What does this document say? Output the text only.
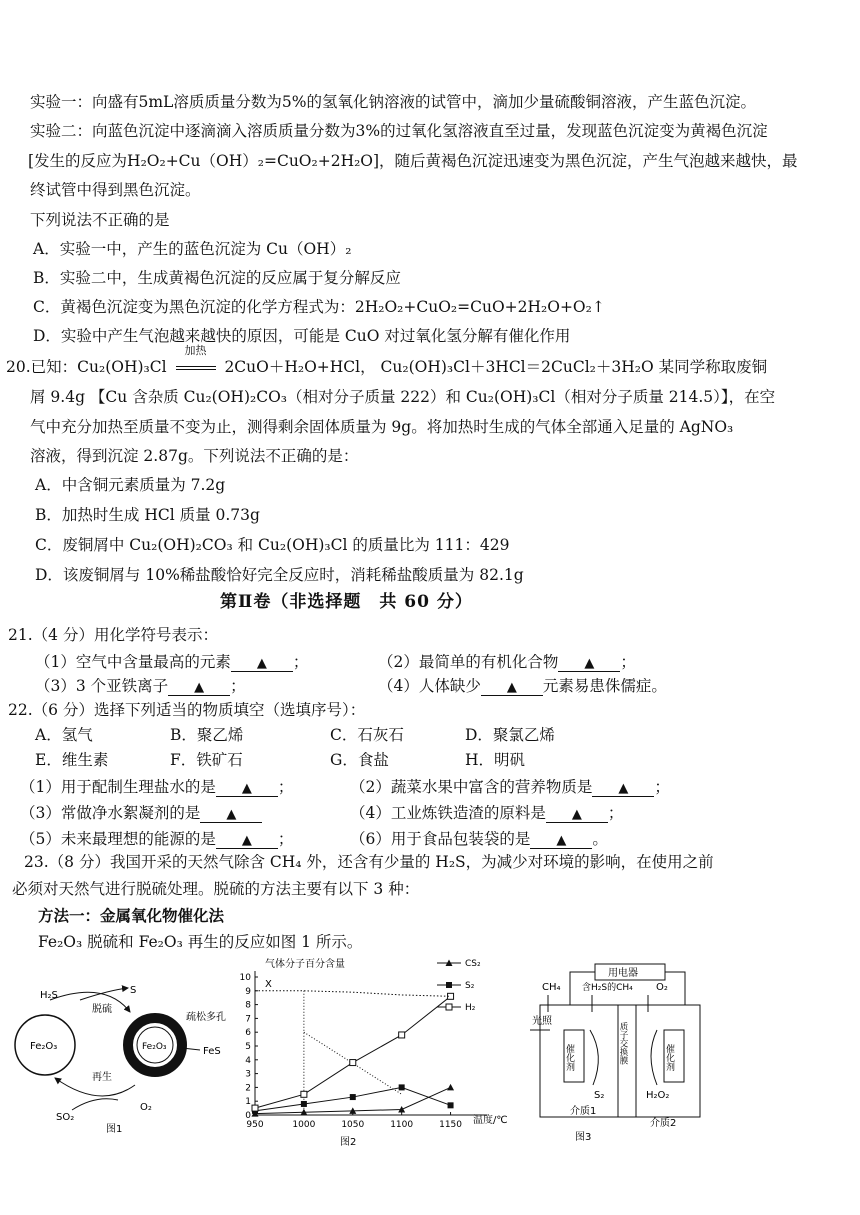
实验一：向盛有5mL溶质质量分数为5%的氢氧化钠溶液的试管中，滴加少量硫酸铜溶液，产生蓝色沉淀。
实验二：向蓝色沉淀中逐滴滴入溶质质量分数为3%的过氧化氢溶液直至过量，发现蓝色沉淀变为黄褐色沉淀
[发生的反应为H₂O₂+Cu（OH）₂=CuO₂+2H₂O]，随后黄褐色沉淀迅速变为黑色沉淀，产生气泡越来越快，最
终试管中得到黑色沉淀。
下列说法不正确的是
A．实验一中，产生的蓝色沉淀为 Cu（OH）₂
B．实验二中，生成黄褐色沉淀的反应属于复分解反应
C．黄褐色沉淀变为黑色沉淀的化学方程式为：2H₂O₂+CuO₂=CuO+2H₂O+O₂↑
D．实验中产生气泡越来越快的原因，可能是 CuO 对过氧化氢分解有催化作用
20.已知：Cu₂(OH)₃Cl
加热
2CuO＋H₂O+HCl， Cu₂(OH)₃Cl＋3HCl＝2CuCl₂＋3H₂O 某同学称取废铜
屑 9.4g 【Cu 含杂质 Cu₂(OH)₂CO₃（相对分子质量 222）和 Cu₂(OH)₃Cl（相对分子质量 214.5）】，在空
气中充分加热至质量不变为止，测得剩余固体质量为 9g。将加热时生成的气体全部通入足量的 AgNO₃
溶液，得到沉淀 2.87g。下列说法不正确的是：
A．中含铜元素质量为 7.2g
B．加热时生成 HCl 质量 0.73g
C．废铜屑中 Cu₂(OH)₂CO₃ 和 Cu₂(OH)₃Cl 的质量比为 111：429
D．该废铜屑与 10%稀盐酸恰好完全反应时，消耗稀盐酸质量为 82.1g
第Ⅱ卷（非选择题　共 60 分）
21.（4 分）用化学符号表示：
（1）空气中含量最高的元素 ▲ ；	（2）最简单的有机化合物 ▲ ；
（3）3 个亚铁离子 ▲ ；	（4）人体缺少 ▲ 元素易患侏儒症。
22.（6 分）选择下列适当的物质填空（选填序号）：
A．氢气	B．聚乙烯	C．石灰石	D．聚氯乙烯
E．维生素	F．铁矿石	G．食盐	H．明矾
（1）用于配制生理盐水的是 ▲ ；	（2）蔬菜水果中富含的营养物质是 ▲ ；
（3）常做净水絮凝剂的是 ▲	（4）工业炼铁造渣的原料是 ▲ ；
（5）未来最理想的能源的是 ▲ ；	（6）用于食品包装袋的是 ▲ 。
23.（8 分）我国开采的天然气除含 CH₄ 外，还含有少量的 H₂S，为减少对环境的影响，在使用之前
必须对天然气进行脱硫处理。脱硫的方法主要有以下 3 种：
方法一：金属氧化物催化法
Fe₂O₃ 脱硫和 Fe₂O₃ 再生的反应如图 1 所示。
H₂S	S
脱硫
Fe₂O₃	Fe₂O₃
疏松多孔
FeS
再生
SO₂
O₂
图1
10
9
8
7
6
5
4
3
2
1
0
950	1000	1050	1100	1150
CS₂
S₂
H₂
气体分子百分含量
温度/℃
图2
X
用电器
CH₄ 含H₂S的CH₄ O₂
光照
催化剂	催化剂
质子交换膜
S₂	H₂O₂
介质1
介质2
图3
